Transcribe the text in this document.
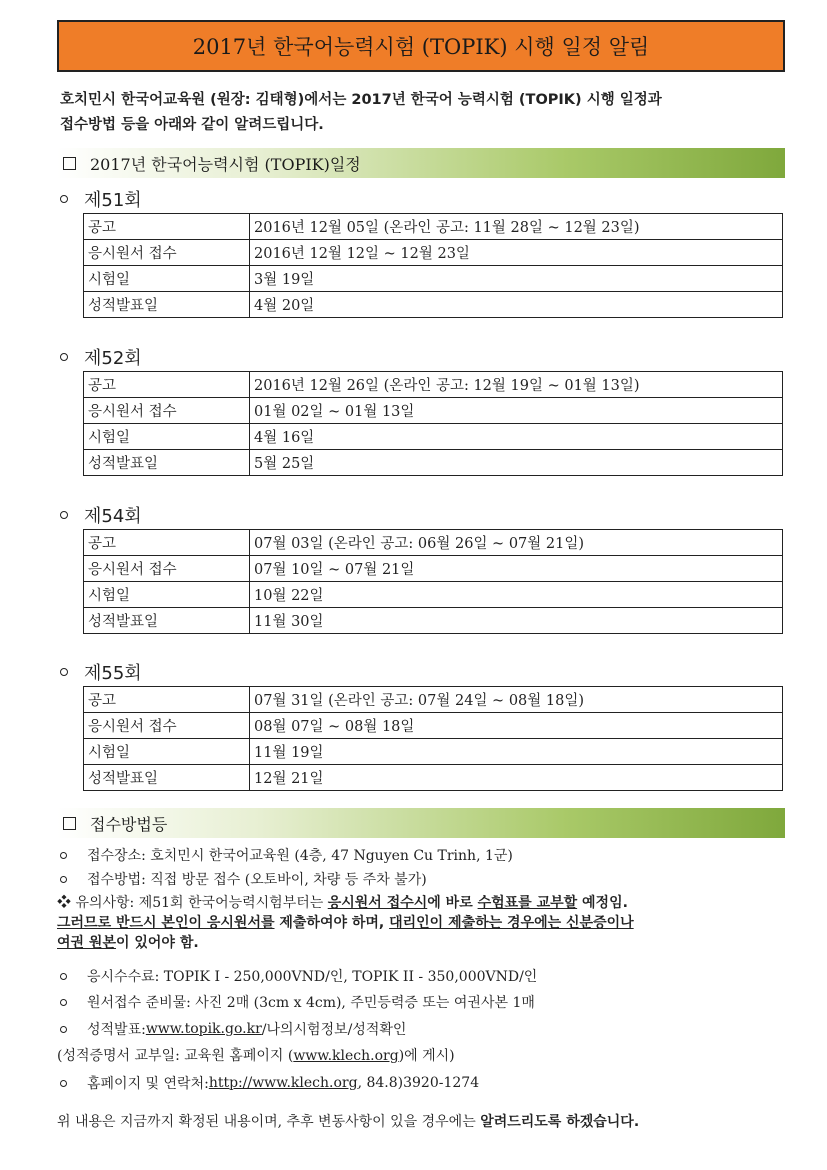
2017년 한국어능력시험 (TOPIK) 시행 일정 알림
호치민시 한국어교육원 (원장: 김태형)에서는 2017년 한국어 능력시험 (TOPIK) 시행 일정과
접수방법 등을 아래와 같이 알려드립니다.
2017년 한국어능력시험 (TOPIK)일정
제51회
공고	2016년 12월 05일 (온라인 공고: 11월 28일 ~ 12월 23일)
응시원서 접수	2016년 12월 12일 ~ 12월 23일
시험일	3월 19일
성적발표일	4월 20일
제52회
공고	2016년 12월 26일 (온라인 공고: 12월 19일 ~ 01월 13일)
응시원서 접수	01월 02일 ~ 01월 13일
시험일	4월 16일
성적발표일	5월 25일
제54회
공고	07월 03일 (온라인 공고: 06월 26일 ~ 07월 21일)
응시원서 접수	07월 10일 ~ 07월 21일
시험일	10월 22일
성적발표일	11월 30일
제55회
공고	07월 31일 (온라인 공고: 07월 24일 ~ 08월 18일)
응시원서 접수	08월 07일 ~ 08월 18일
시험일	11월 19일
성적발표일	12월 21일
접수방법등
접수장소: 호치민시 한국어교육원 (4층, 47 Nguyen Cu Trinh, 1군)
접수방법: 직접 방문 접수 (오토바이, 차량 등 주차 불가)
❖ 유의사항: 제51회 한국어능력시험부터는 응시원서 접수시에 바로 수험표를 교부할 예정임.
그러므로 반드시 본인이 응시원서를 제출하여야 하며, 대리인이 제출하는 경우에는 신분증이나
여권 원본이 있어야 함.
응시수수료: TOPIK I - 250,000VND/인, TOPIK II - 350,000VND/인
원서접수 준비물: 사진 2매 (3cm x 4cm), 주민등력증 또는 여권사본 1매
성적발표: www.topik.go.kr /나의시험정보/성적확인
(성적증명서 교부일: 교육원 홈페이지 (www.klech.org)에 게시)
홈페이지 및 연락처: http://www.klech.org , 84.8)3920-1274
위 내용은 지금까지 확정된 내용이며, 추후 변동사항이 있을 경우에는 알려드리도록 하겠습니다.
